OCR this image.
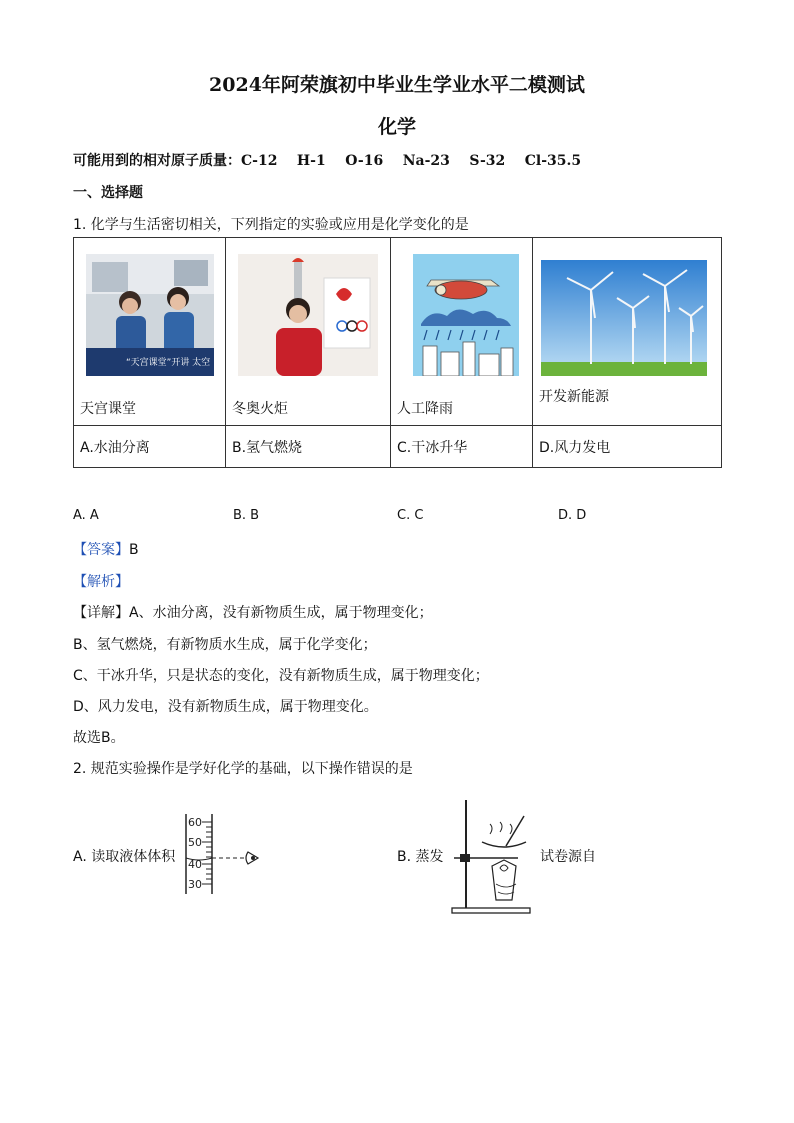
2024年阿荣旗初中毕业生学业水平二模测试
化学
可能用到的相对原子质量：C-12    H-1    O-16    Na-23    S-32    Cl-35.5
一、选择题
1. 化学与生活密切相关，下列指定的实验或应用是化学变化的是
“天宫课堂”开讲 太空
天宫课堂	冬奥火炬	人工降雨	开发新能源

A.水油分离	B.氢气燃烧	C.干冰升华	D.风力发电
A. A	B. B	C. C	D. D
【答案】B
【解析】
【详解】A、水油分离，没有新物质生成，属于物理变化；
B、氢气燃烧，有新物质水生成，属于化学变化；
C、干冰升华，只是状态的变化，没有新物质生成，属于物理变化；
D、风力发电，没有新物质生成，属于物理变化。
故选B。
2. 规范实验操作是学好化学的基础，以下操作错误的是
A. 读取液体体积
60
50
40
30
B. 蒸发	试卷源自
